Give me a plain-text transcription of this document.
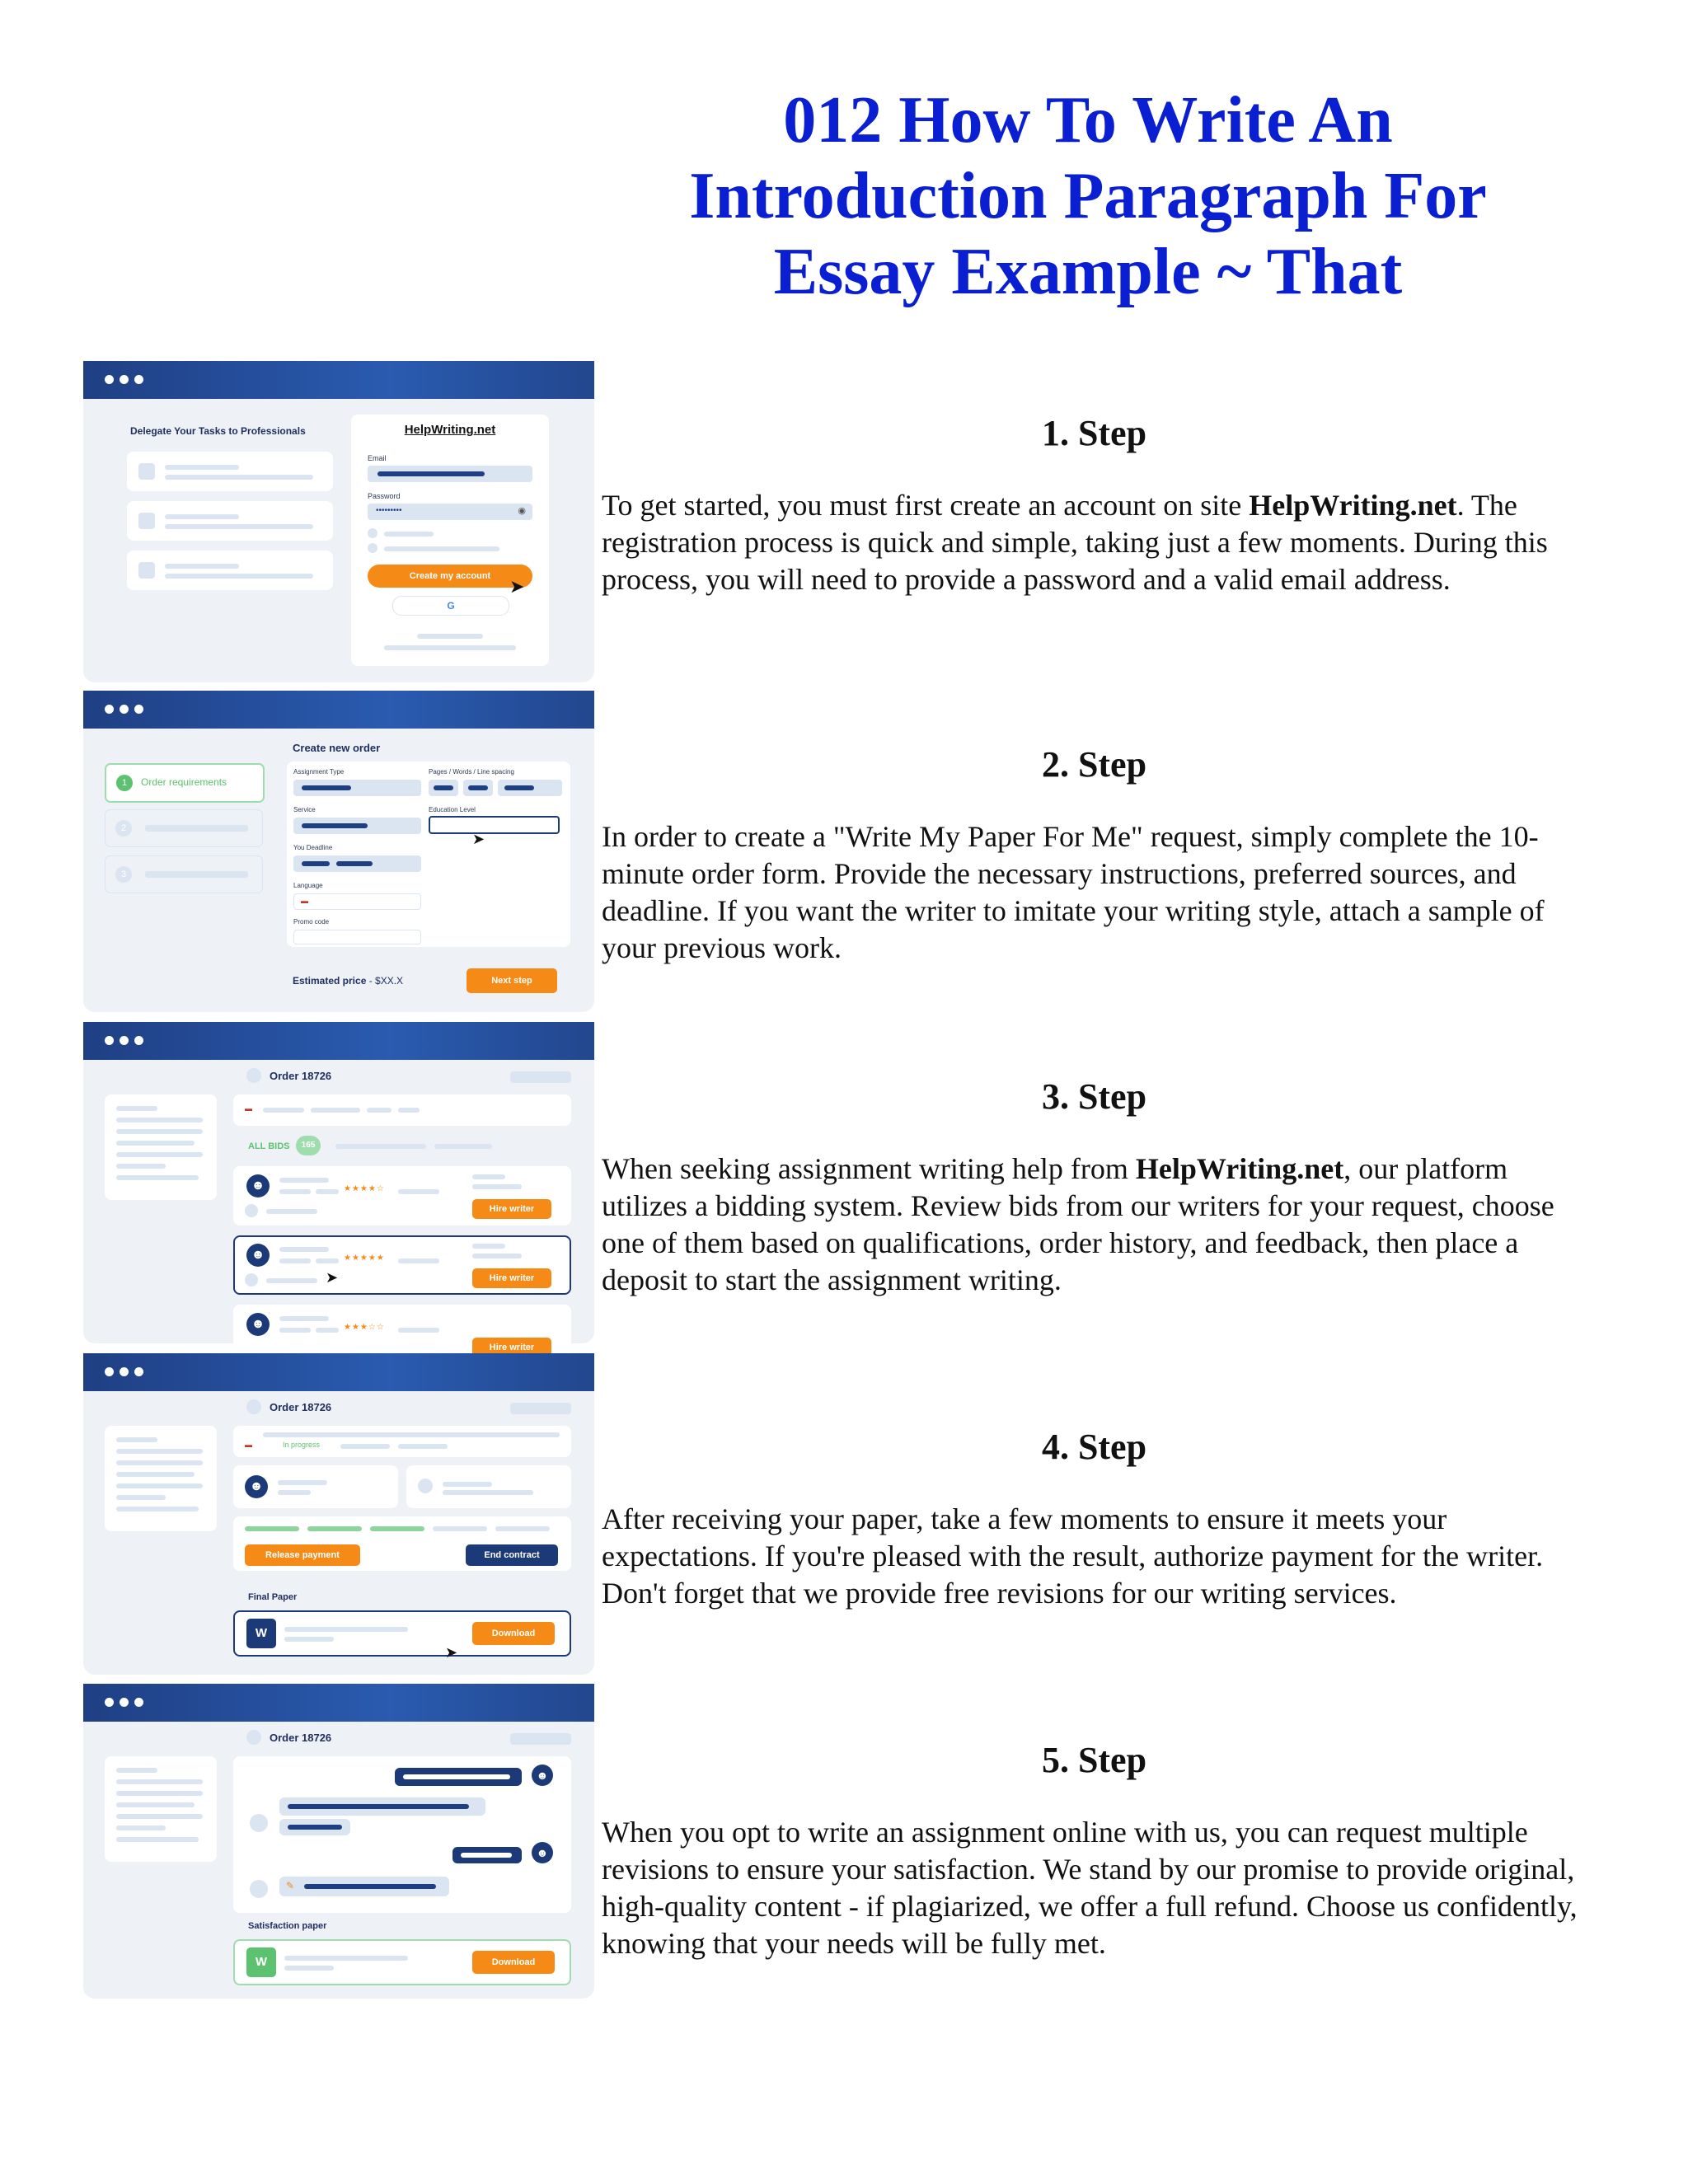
012 How To Write An Introduction Paragraph For Essay Example ~ That
1. Step

To get started, you must first create an account on site HelpWriting.net. The registration process is quick and simple, taking just a few moments. During this process, you will need to provide a password and a valid email address.

2. Step

In order to create a "Write My Paper For Me" request, simply complete the 10-minute order form. Provide the necessary instructions, preferred sources, and deadline. If you want the writer to imitate your writing style, attach a sample of your previous work.

3. Step

When seeking assignment writing help from HelpWriting.net, our platform utilizes a bidding system. Review bids from our writers for your request, choose one of them based on qualifications, order history, and feedback, then place a deposit to start the assignment writing.

4. Step

After receiving your paper, take a few moments to ensure it meets your expectations. If you're pleased with the result, authorize payment for the writer. Don't forget that we provide free revisions for our writing services.

5. Step

When you opt to write an assignment online with us, you can request multiple revisions to ensure your satisfaction. We stand by our promise to provide original, high-quality content - if plagiarized, we offer a full refund. Choose us confidently, knowing that your needs will be fully met.

Delegate Your Tasks to Professionals	HelpWriting.net
Email
Password
•••••••••	◉
Create my account	➤
G
1	Order requirements
2
3
Create new order
Assignment Type	Pages / Words / Line spacing
Service	Education Level
➤
You Deadline
Language
▬
Promo code
Estimated price - $XX.X	Next step
Order 18726
▬
ALL BIDS	165
☻	★★★★☆
Hire writer
☻	★★★★★
➤	Hire writer
☻	★★★☆☆
Hire writer
Order 18726
▬	In progress
☻
Release payment	End contract
Final Paper
W	Download
➤
Order 18726
☻
☻
✎
Satisfaction paper
W	Download
